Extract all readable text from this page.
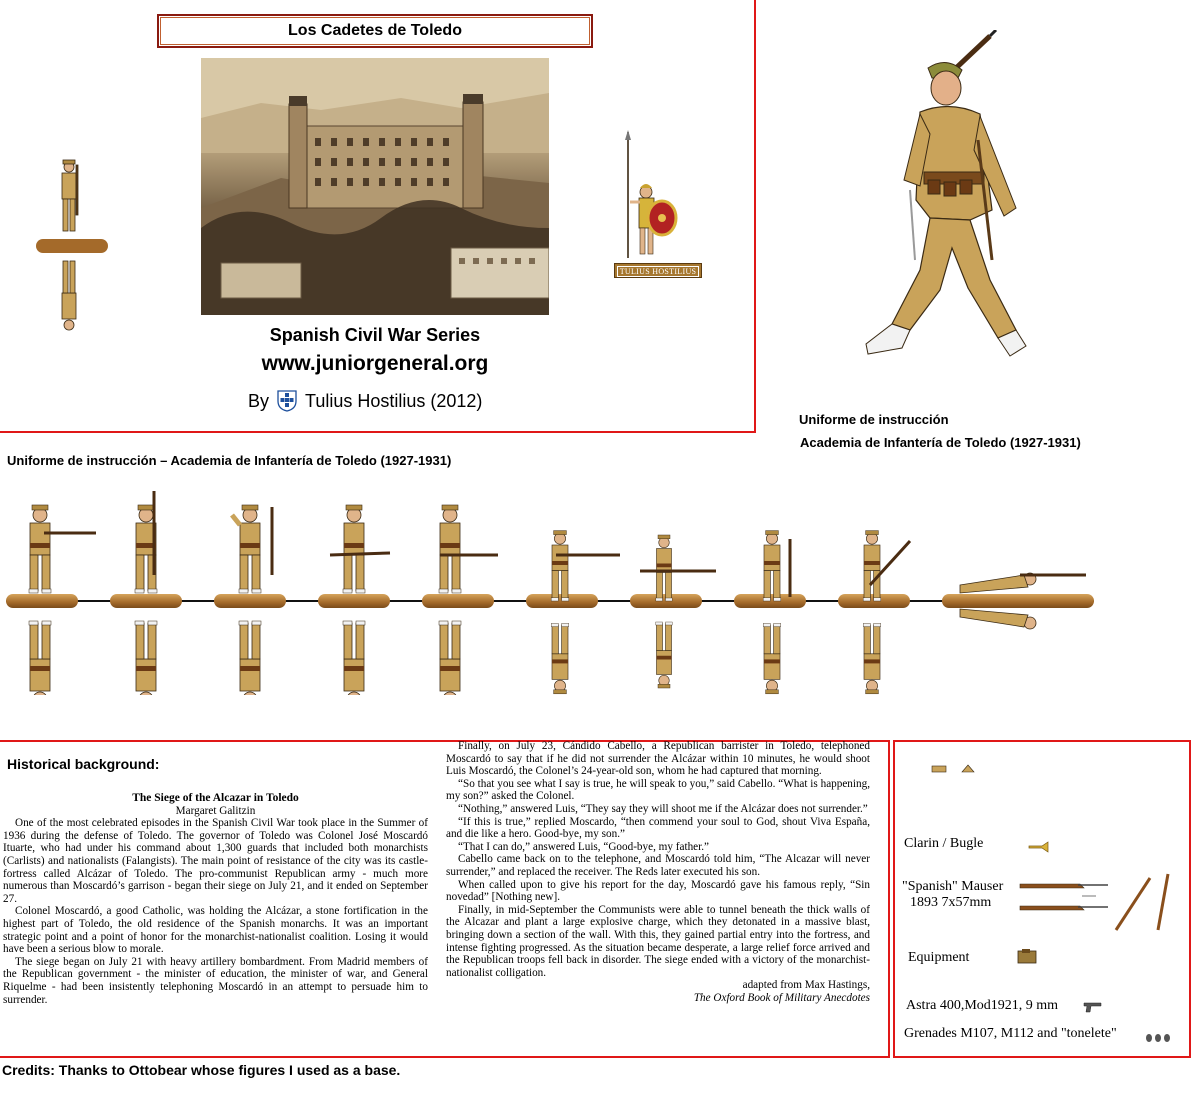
Los Cadetes de Toledo
Spanish Civil War Series
www.juniorgeneral.org
By Tulius Hostilius (2012)
TULIUS HOSTILIUS
Uniforme de instrucción
Academia de Infantería de Toledo (1927-1931)
Uniforme de instrucción – Academia de Infantería de Toledo (1927-1931)
Historical background:
The Siege of the Alcazar in Toledo
Margaret Galitzin

One of the most celebrated episodes in the Spanish Civil War took place in the Summer of 1936 during the defense of Toledo. The governor of Toledo was Colonel José Moscardó Ituarte, who had under his command about 1,300 guards that included both monarchists (Carlists) and nationalists (Falangists). The main point of resistance of the city was its castle-fortress called Alcázar of Toledo. The pro-communist Republican army - much more numerous than Moscardó’s garrison - began their siege on July 21, and it ended on September 27.

Colonel Moscardó, a good Catholic, was holding the Alcázar, a stone fortification in the highest part of Toledo, the old residence of the Spanish monarchs. It was an important strategic point and a point of honor for the monarchist-nationalist coalition. Losing it would have been a serious blow to morale.

The siege began on July 21 with heavy artillery bombardment. From Madrid members of the Republican government - the minister of education, the minister of war, and General Riquelme - had been insistently telephoning Moscardó in an attempt to persuade him to surrender.

Finally, on July 23, Cándido Cabello, a Republican barrister in Toledo, telephoned Moscardó to say that if he did not surrender the Alcázar within 10 minutes, he would shoot Luis Moscardó, the Colonel’s 24-year-old son, whom he had captured that morning.

“So that you see what I say is true, he will speak to you,” said Cabello. “What is happening, my son?” asked the Colonel.

“Nothing,” answered Luis, “They say they will shoot me if the Alcázar does not surrender.”

“If this is true,” replied Moscardo, “then commend your soul to God, shout Viva España, and die like a hero. Good-bye, my son.”

“That I can do,” answered Luis, “Good-bye, my father.”

Cabello came back on to the telephone, and Moscardó told him, “The Alcazar will never surrender,” and replaced the receiver. The Reds later executed his son.

When called upon to give his report for the day, Moscardó gave his famous reply, “Sin novedad” [Nothing new].

Finally, in mid-September the Communists were able to tunnel beneath the thick walls of the Alcazar and plant a large explosive charge, which they detonated in a massive blast, bringing down a section of the wall. With this, they gained partial entry into the fortress, and intense fighting progressed. As the situation became desperate, a large relief force arrived and the Republican troops fell back in disorder. The siege ended with a victory of the monarchist-nationalist colligation.

adapted from Max Hastings,
The Oxford Book of Military Anecdotes
Clarin / Bugle
"Spanish" Mauser
1893 7x57mm
Equipment
Astra 400,Mod1921, 9 mm
Grenades M107, M112 and "tonelete"
Credits: Thanks to Ottobear whose figures I used as a base.
